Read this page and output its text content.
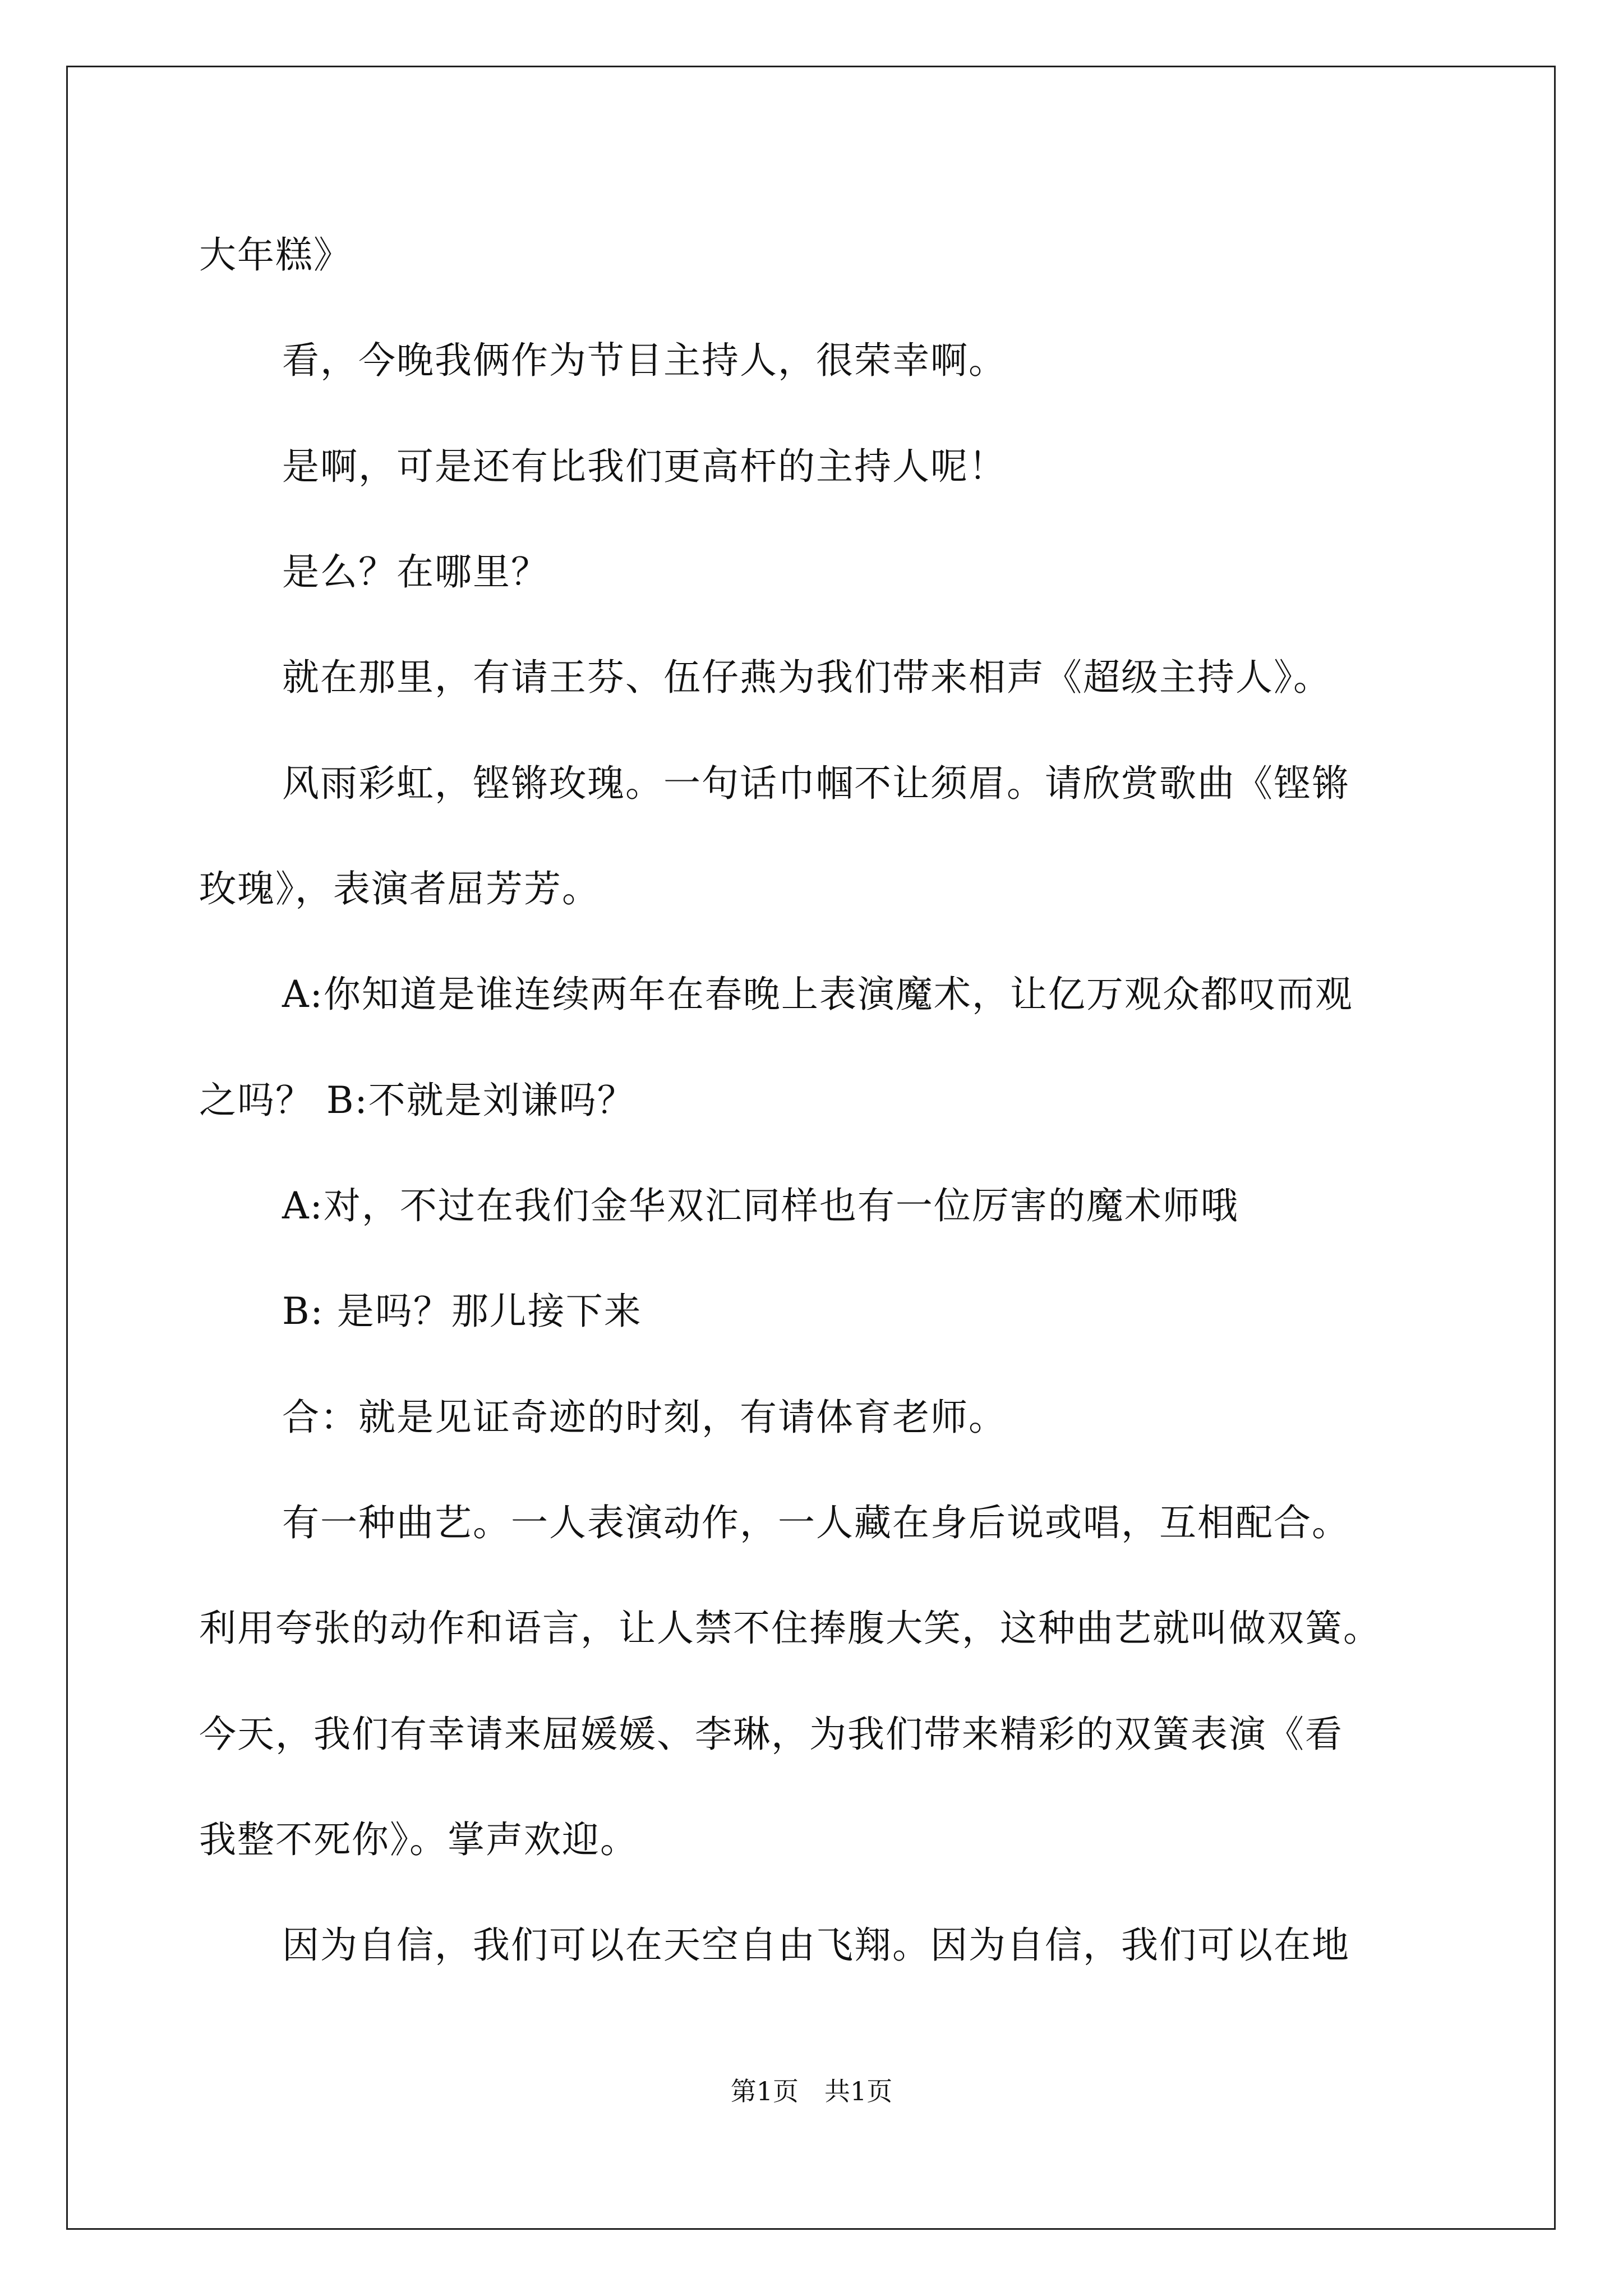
大年糕》
看，今晚我俩作为节目主持人，很荣幸啊。
是啊，可是还有比我们更高杆的主持人呢！
是么？在哪里？
就在那里，有请王芬、伍仔燕为我们带来相声《超级主持人》。
风雨彩虹，铿锵玫瑰。一句话巾帼不让须眉。请欣赏歌曲《铿锵
玫瑰》，表演者屈芳芳。
A:你知道是谁连续两年在春晚上表演魔术，让亿万观众都叹而观
之吗？ B:不就是刘谦吗？
A:对，不过在我们金华双汇同样也有一位厉害的魔术师哦
B: 是吗？那儿接下来
合：就是见证奇迹的时刻，有请体育老师。
有一种曲艺。一人表演动作，一人藏在身后说或唱，互相配合。
利用夸张的动作和语言，让人禁不住捧腹大笑，这种曲艺就叫做双簧。
今天，我们有幸请来屈媛媛、李琳，为我们带来精彩的双簧表演《看
我整不死你》。掌声欢迎。
因为自信，我们可以在天空自由飞翔。因为自信，我们可以在地
第1页　共1页
